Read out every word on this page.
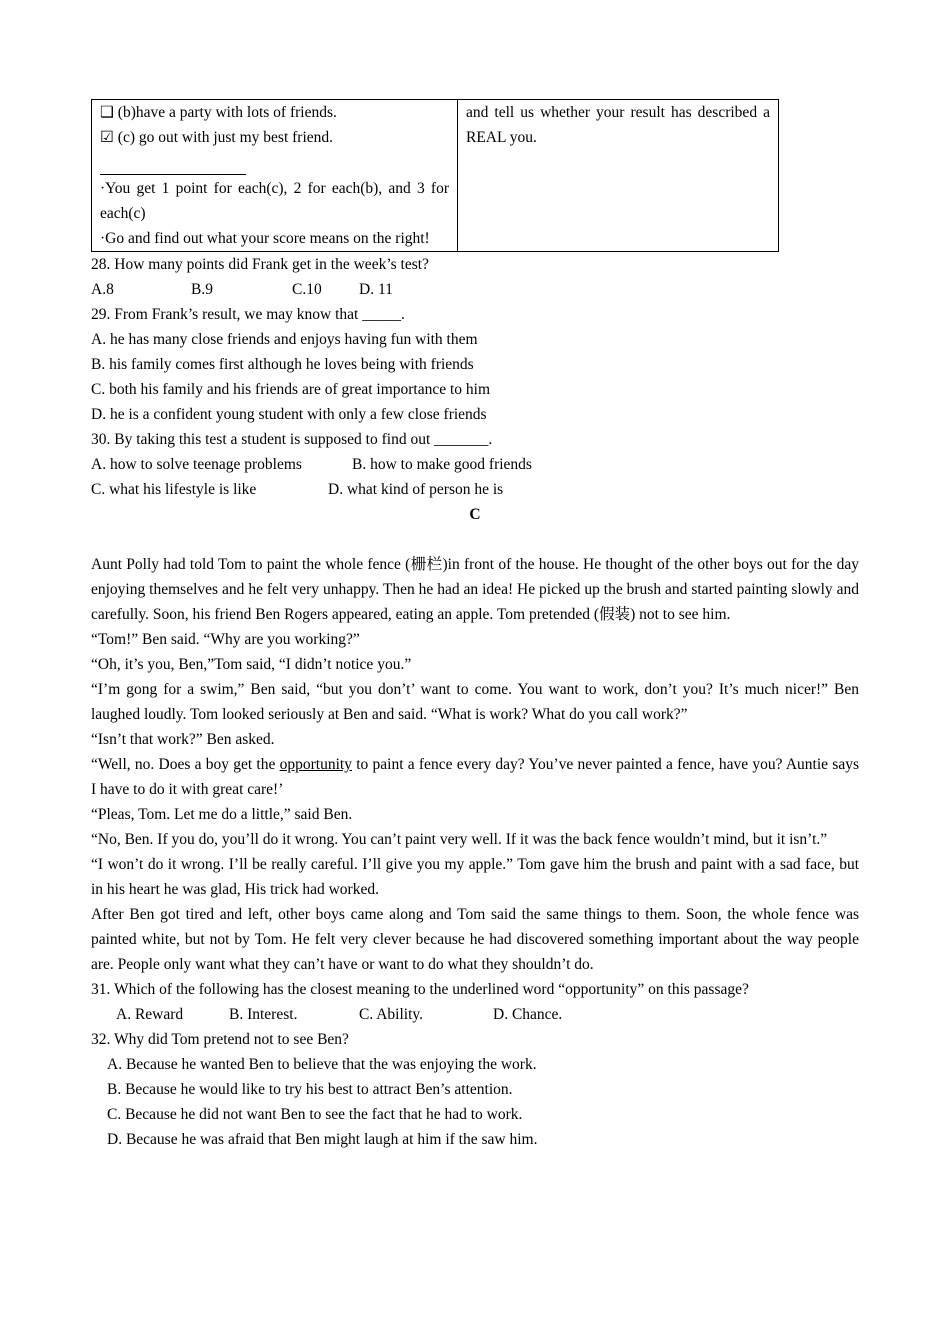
❑ (b)have a party with lots of friends.
☑ (c) go out with just my best friend.
·You get 1 point for each(c), 2 for each(b), and 3 for each(c)
·Go and find out what your score means on the right!

and tell us whether your result has described a REAL you.
28. How many points did Frank get in the week’s test?
A.8	B.9	C.10 D. 11
29. From Frank’s result, we may know that _____.
A. he has many close friends and enjoys having fun with them
B. his family comes first although he loves being with friends
C. both his family and his friends are of great importance to him
D. he is a confident young student with only a few close friends
30. By taking this test a student is supposed to find out _______.
A. how to solve teenage problems	B. how to make good friends
C. what his lifestyle is like	D. what kind of person he is
C
Aunt Polly had told Tom to paint the whole fence (栅栏)in front of the house. He thought of the other boys out for the day enjoying themselves and he felt very unhappy. Then he had an idea! He picked up the brush and started painting slowly and carefully. Soon, his friend Ben Rogers appeared, eating an apple. Tom pretended (假装) not to see him.
“Tom!” Ben said. “Why are you working?”
“Oh, it’s you, Ben,”Tom said, “I didn’t notice you.”
“I’m gong for a swim,” Ben said, “but you don’t’ want to come. You want to work, don’t you? It’s much nicer!” Ben laughed loudly. Tom looked seriously at Ben and said. “What is work? What do you call work?”
“Isn’t that work?” Ben asked.
“Well, no. Does a boy get the opportunity to paint a fence every day? You’ve never painted a fence, have you? Auntie says I have to do it with great care!’
“Pleas, Tom. Let me do a little,” said Ben.
“No, Ben. If you do, you’ll do it wrong. You can’t paint very well. If it was the back fence wouldn’t mind, but it isn’t.”
“I won’t do it wrong. I’ll be really careful. I’ll give you my apple.” Tom gave him the brush and paint with a sad face, but in his heart he was glad, His trick had worked.
After Ben got tired and left, other boys came along and Tom said the same things to them. Soon, the whole fence was painted white, but not by Tom. He felt very clever because he had discovered something important about the way people are. People only want what they can’t have or want to do what they shouldn’t do.
31. Which of the following has the closest meaning to the underlined word “opportunity” on this passage?
A. Reward	B. Interest.	C. Ability.	D. Chance.
32. Why did Tom pretend not to see Ben?
A. Because he wanted Ben to believe that the was enjoying the work.
B. Because he would like to try his best to attract Ben’s attention.
C. Because he did not want Ben to see the fact that he had to work.
D. Because he was afraid that Ben might laugh at him if the saw him.
